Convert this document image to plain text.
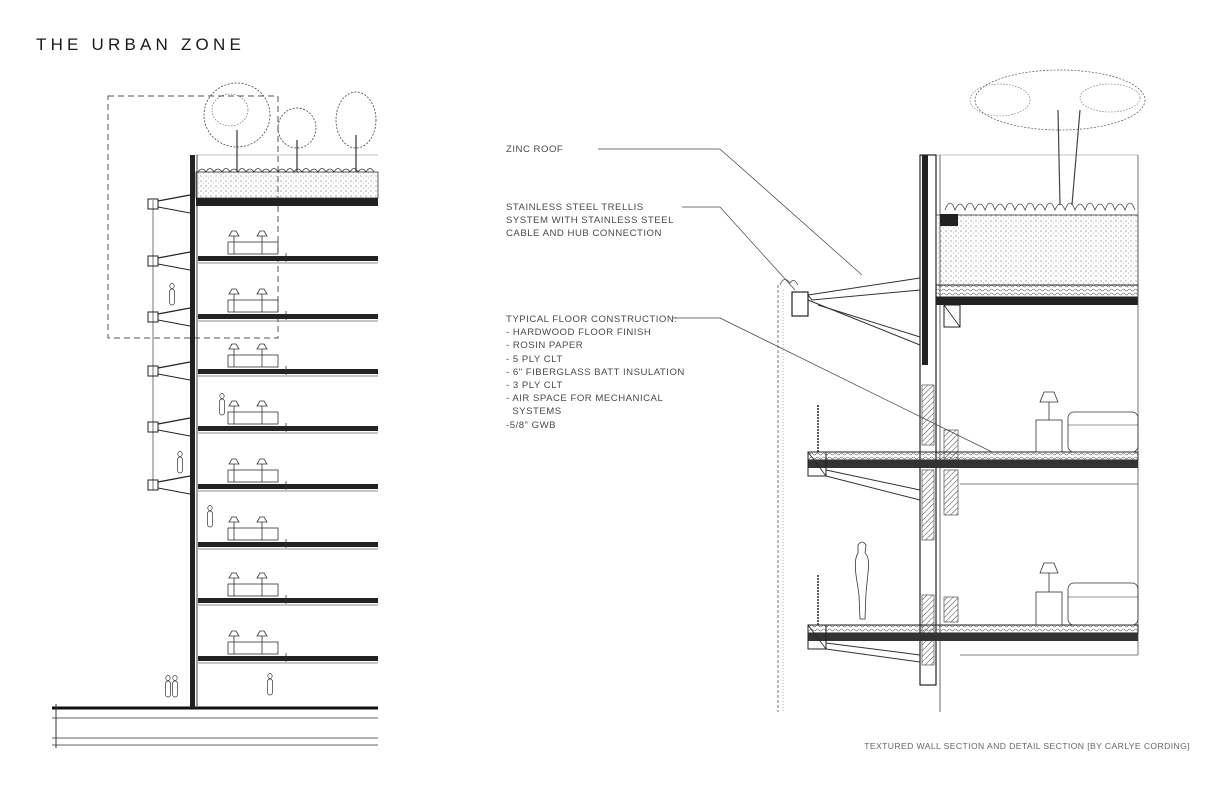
THE URBAN ZONE
ZINC ROOF
STAINLESS STEEL TRELLIS
SYSTEM WITH STAINLESS STEEL
CABLE AND HUB CONNECTION
TYPICAL FLOOR CONSTRUCTION:
- HARDWOOD FLOOR FINISH
- ROSIN PAPER
- 5 PLY CLT
- 6" FIBERGLASS BATT INSULATION
- 3 PLY CLT
- AIR SPACE FOR MECHANICAL
SYSTEMS
-5/8" GWB
TEXTURED WALL SECTION AND DETAIL SECTION [BY CARLYE CORDING]
